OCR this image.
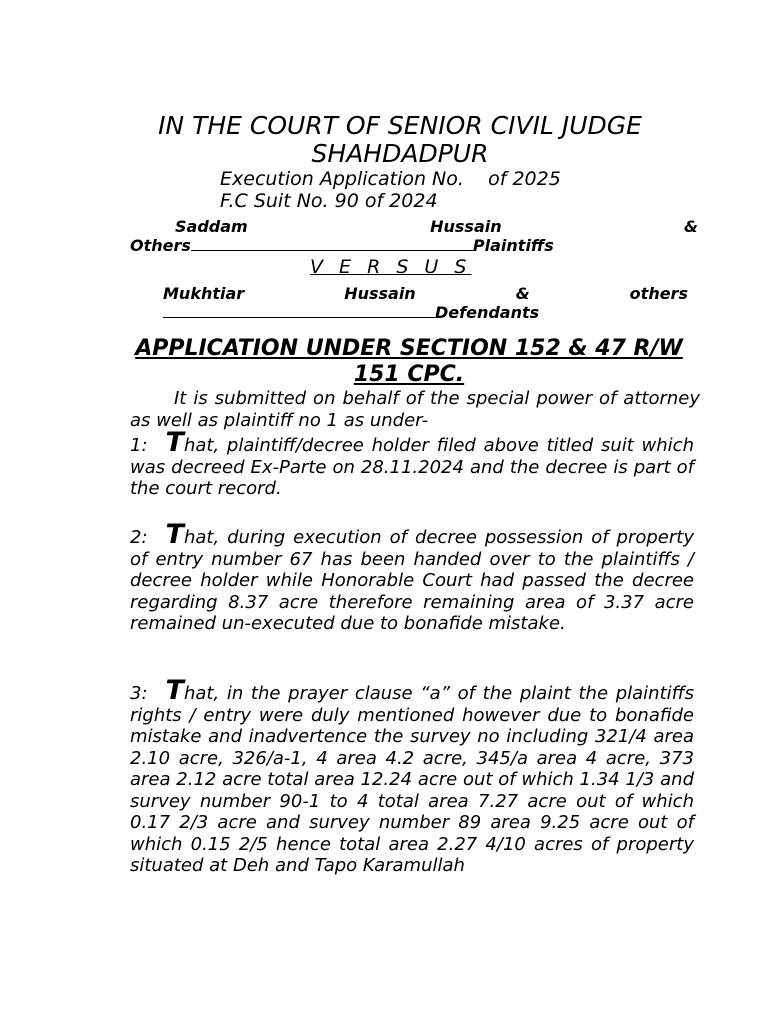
IN THE COURT OF SENIOR CIVIL JUDGE SHAHDADPUR
Execution Application No.    of 2025
F.C Suit No. 90 of 2024
Saddam	Hussain	&
Others	Plaintiffs
V E R S U S
Mukhtiar	Hussain	&	others
Defendants
APPLICATION UNDER SECTION 152 & 47 R/W 151 CPC.
It is submitted on behalf of the special power of attorney as well as plaintiff no 1 as under-
1: That, plaintiff/decree holder filed above titled suit which was decreed Ex-Parte on 28.11.2024 and the decree is part of the court record.
2: That, during execution of decree possession of property of entry number 67 has been handed over to the plaintiffs / decree holder while Honorable Court had passed the decree regarding 8.37 acre therefore remaining area of 3.37 acre remained un-executed due to bonafide mistake.
3: That, in the prayer clause “a” of the plaint the plaintiffs rights / entry were duly mentioned however due to bonafide mistake and inadvertence the survey no including 321/4 area 2.10 acre, 326/a-1, 4 area 4.2 acre, 345/a area 4 acre, 373 area 2.12 acre total area 12.24 acre out of which 1.34 1/3 and survey number 90-1 to 4 total area 7.27 acre out of which 0.17 2/3 acre and survey number 89 area 9.25 acre out of which 0.15 2/5 hence total area 2.27 4/10 acres of property situated at Deh and Tapo Karamullah
